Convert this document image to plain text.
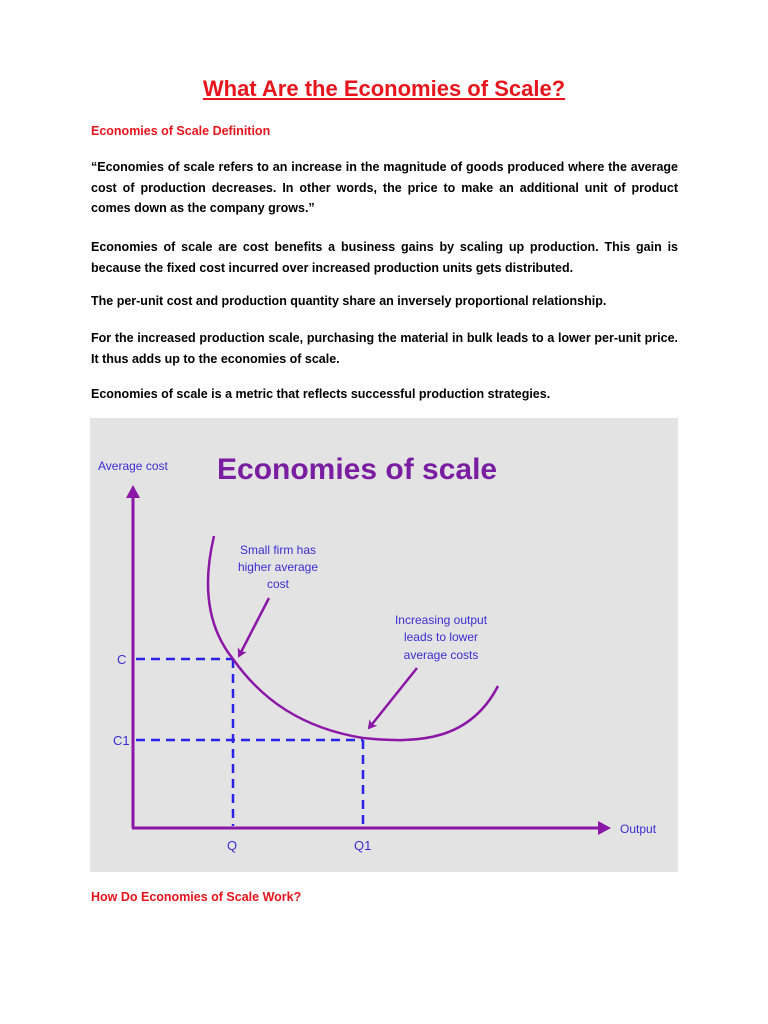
What Are the Economies of Scale?
Economies of Scale Definition
“Economies of scale refers to an increase in the magnitude of goods produced where the average cost of production decreases. In other words, the price to make an additional unit of product comes down as the company grows.”
Economies of scale are cost benefits a business gains by scaling up production. This gain is because the fixed cost incurred over increased production units gets distributed.
The per-unit cost and production quantity share an inversely proportional relationship.
For the increased production scale, purchasing the material in bulk leads to a lower per-unit price. It thus adds up to the economies of scale.
Economies of scale is a metric that reflects successful production strategies.
Economies of scale
Average cost
Output
C
C1
Q	Q1
Small firm has
higher average
cost
Increasing output
leads to lower
average costs
How Do Economies of Scale Work?
